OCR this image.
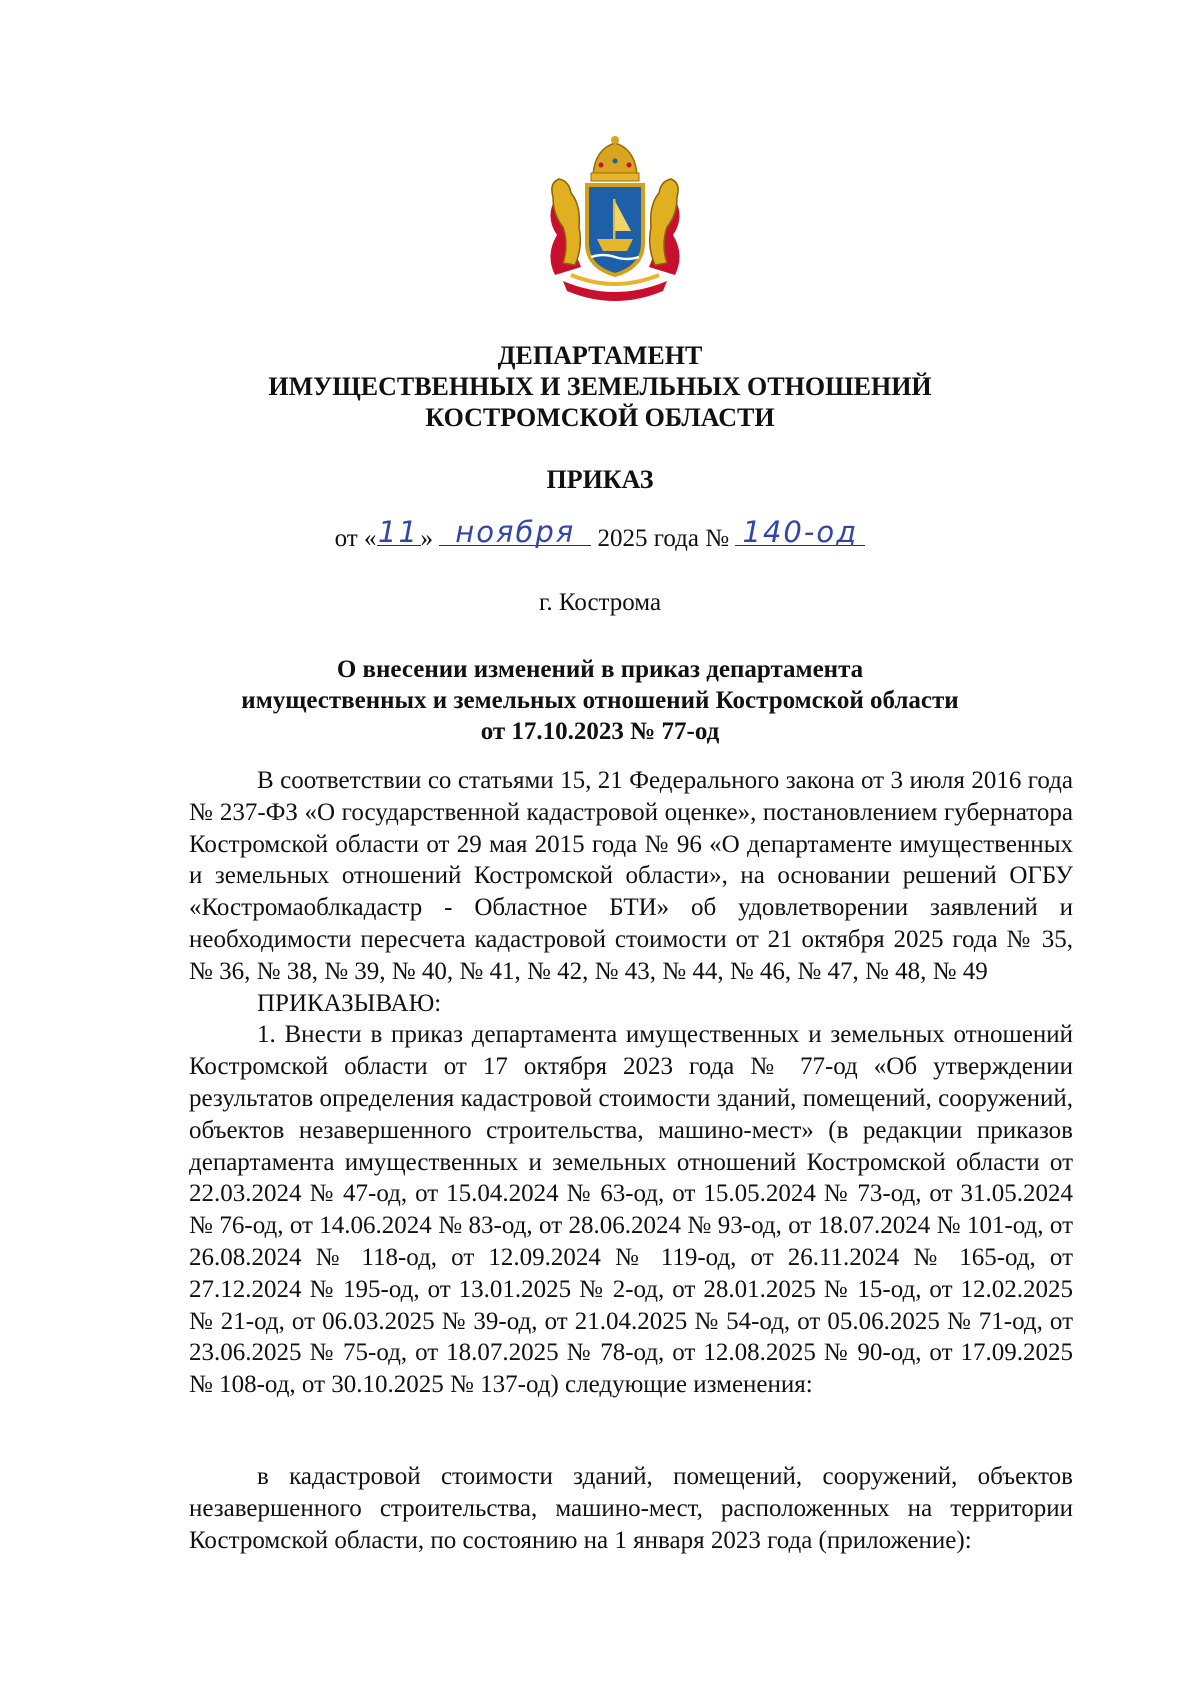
ДЕПАРТАМЕНТ
ИМУЩЕСТВЕННЫХ И ЗЕМЕЛЬНЫХ ОТНОШЕНИЙ
КОСТРОМСКОЙ ОБЛАСТИ
ПРИКАЗ
от « 11 » ноября 2025 года № 140-од
г. Кострома
О внесении изменений в приказ департамента
имущественных и земельных отношений Костромской области
от 17.10.2023 № 77-од

В соответствии со статьями 15, 21 Федерального закона от 3 июля 2016 года № 237-ФЗ «О государственной кадастровой оценке», постановлением губернатора Костромской области от 29 мая 2015 года № 96 «О департаменте имущественных и земельных отношений Костромской области», на основании решений ОГБУ «Костромаоблкадастр - Областное БТИ» об удовлетворении заявлений и необходимости пересчета кадастровой стоимости от 21 октября 2025 года № 35, № 36, № 38, № 39, № 40, № 41, № 42, № 43, № 44, № 46, № 47, № 48, № 49

ПРИКАЗЫВАЮ:

1. Внести в приказ департамента имущественных и земельных отношений Костромской области от 17 октября 2023 года № 77-од «Об утверждении результатов определения кадастровой стоимости зданий, помещений, сооружений, объектов незавершенного строительства, машино-мест» (в редакции приказов департамента имущественных и земельных отношений Костромской области от 22.03.2024 № 47-од, от 15.04.2024 № 63-од, от 15.05.2024 № 73-од, от 31.05.2024 № 76-од, от 14.06.2024 № 83-од, от 28.06.2024 № 93-од, от 18.07.2024 № 101-од, от 26.08.2024 № 118-од, от 12.09.2024 № 119-од, от 26.11.2024 № 165-од, от 27.12.2024 № 195-од, от 13.01.2025 № 2-од, от 28.01.2025 № 15-од, от 12.02.2025 № 21-од, от 06.03.2025 № 39-од, от 21.04.2025 № 54-од, от 05.06.2025 № 71-од, от 23.06.2025 № 75-од, от 18.07.2025 № 78-од, от 12.08.2025 № 90-од, от 17.09.2025 № 108-од, от 30.10.2025 № 137-од) следующие изменения:

в кадастровой стоимости зданий, помещений, сооружений, объектов незавершенного строительства, машино-мест, расположенных на территории Костромской области, по состоянию на 1 января 2023 года (приложение):
